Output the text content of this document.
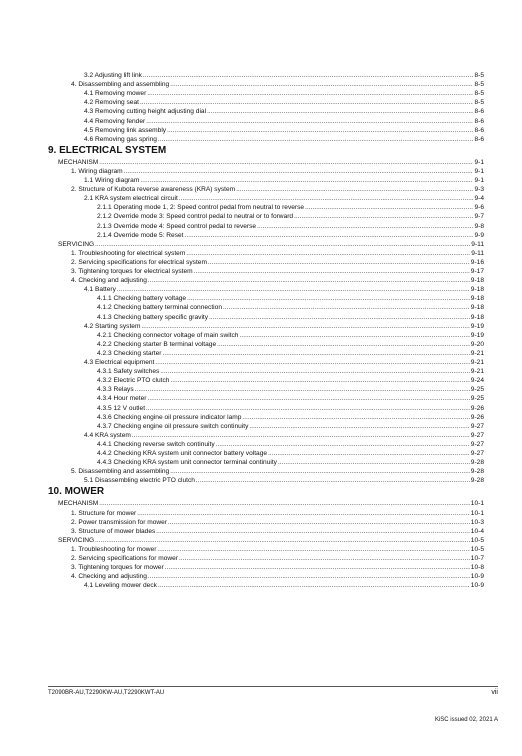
3.2 Adjusting lift link .....	8-5
4. Disassembling and assembling .....	8-5
4.1 Removing mower .....	8-5
4.2 Removing seat .....	8-5
4.3 Removing cutting height adjusting dial .....	8-6
4.4 Removing fender .....	8-6
4.5 Removing link assembly .....	8-6
4.6 Removing gas spring .....	8-6
9. ELECTRICAL SYSTEM
MECHANISM .....	9-1
1. Wiring diagram .....	9-1
1.1 Wiring diagram .....	9-1
2. Structure of Kubota reverse awareness (KRA) system .....	9-3
2.1 KRA system electrical circuit .....	9-4
2.1.1 Operating mode 1, 2: Speed control pedal from neutral to reverse .....	9-6
2.1.2 Override mode 3: Speed control pedal to neutral or to forward .....	9-7
2.1.3 Override mode 4: Speed control pedal to reverse .....	9-8
2.1.4 Override mode 5: Reset .....	9-9
SERVICING .....	9-11
1. Troubleshooting for electrical system .....	9-11
2. Servicing specifications for electrical system .....	9-16
3. Tightening torques for electrical system .....	9-17
4. Checking and adjusting .....	9-18
4.1 Battery .....	9-18
4.1.1 Checking battery voltage .....	9-18
4.1.2 Checking battery terminal connection .....	9-18
4.1.3 Checking battery specific gravity .....	9-18
4.2 Starting system .....	9-19
4.2.1 Checking connector voltage of main switch .....	9-19
4.2.2 Checking starter B terminal voltage .....	9-20
4.2.3 Checking starter .....	9-21
4.3 Electrical equipment .....	9-21
4.3.1 Safety switches .....	9-21
4.3.2 Electric PTO clutch .....	9-24
4.3.3 Relays .....	9-25
4.3.4 Hour meter .....	9-25
4.3.5 12 V outlet .....	9-26
4.3.6 Checking engine oil pressure indicator lamp .....	9-26
4.3.7 Checking engine oil pressure switch continuity .....	9-27
4.4 KRA system .....	9-27
4.4.1 Checking reverse switch continuity .....	9-27
4.4.2 Checking KRA system unit connector battery voltage .....	9-27
4.4.3 Checking KRA system unit connector terminal continuity .....	9-28
5. Disassembling and assembling .....	9-28
5.1 Disassembling electric PTO clutch .....	9-28
10. MOWER
MECHANISM .....	10-1
1. Structure for mower .....	10-1
2. Power transmission for mower .....	10-3
3. Structure of mower blades .....	10-4
SERVICING .....	10-5
1. Troubleshooting for mower .....	10-5
2. Servicing specifications for mower .....	10-7
3. Tightening torques for mower .....	10-8
4. Checking and adjusting .....	10-9
4.1 Leveling mower deck .....	10-9
T2090BR-AU,T2290KW-AU,T2290KWT-AU	vii
KiSC issued 02, 2021 A
